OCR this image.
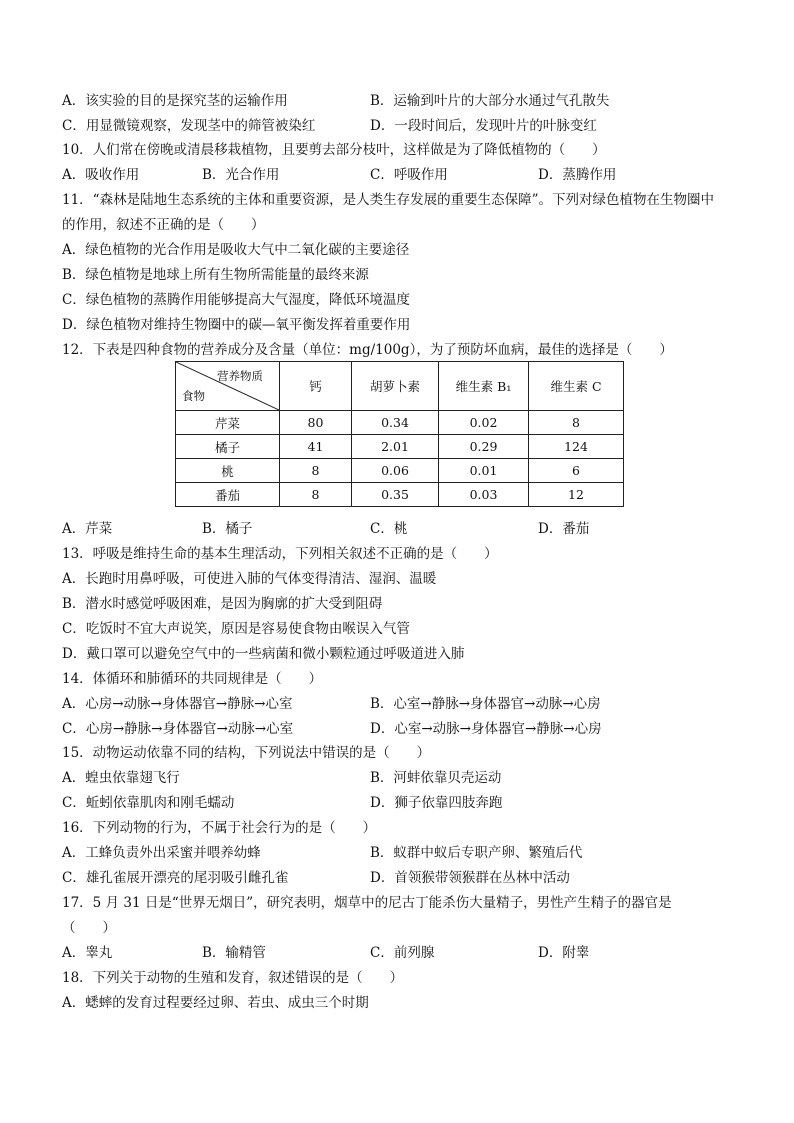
A．该实验的目的是探究茎的运输作用	B．运输到叶片的大部分水通过气孔散失
C．用显微镜观察，发现茎中的筛管被染红	D．一段时间后，发现叶片的叶脉变红
10．人们常在傍晚或清晨移栽植物，且要剪去部分枝叶，这样做是为了降低植物的（　　）
A．吸收作用	B．光合作用	C．呼吸作用	D．蒸腾作用
11．“森林是陆地生态系统的主体和重要资源，是人类生存发展的重要生态保障”。下列对绿色植物在生物圈中
的作用，叙述不正确的是（　　）
A．绿色植物的光合作用是吸收大气中二氧化碳的主要途径
B．绿色植物是地球上所有生物所需能量的最终来源
C．绿色植物的蒸腾作用能够提高大气湿度，降低环境温度
D．绿色植物对维持生物圈中的碳—氧平衡发挥着重要作用
12．下表是四种食物的营养成分及含量（单位：mg/100g），为了预防坏血病，最佳的选择是（　　）
营养物质
食物	钙	胡萝卜素	维生素 B₁	维生素 C
芹菜	80	0.34	0.02	8
橘子	41	2.01	0.29	124
桃	8	0.06	0.01	6
番茄	8	0.35	0.03	12
A．芹菜	B．橘子	C．桃	D．番茄
13．呼吸是维持生命的基本生理活动，下列相关叙述不正确的是（　　）
A．长跑时用鼻呼吸，可使进入肺的气体变得清洁、湿润、温暖
B．潜水时感觉呼吸困难，是因为胸廓的扩大受到阻碍
C．吃饭时不宜大声说笑，原因是容易使食物由喉误入气管
D．戴口罩可以避免空气中的一些病菌和微小颗粒通过呼吸道进入肺
14．体循环和肺循环的共同规律是（　　）
A．心房→动脉→身体器官→静脉→心室	B．心室→静脉→身体器官→动脉→心房
C．心房→静脉→身体器官→动脉→心室	D．心室→动脉→身体器官→静脉→心房
15．动物运动依靠不同的结构，下列说法中错误的是（　　）
A．蝗虫依靠翅飞行	B．河蚌依靠贝壳运动
C．蚯蚓依靠肌肉和刚毛蠕动	D．狮子依靠四肢奔跑
16．下列动物的行为，不属于社会行为的是（　　）
A．工蜂负责外出采蜜并喂养幼蜂	B．蚁群中蚁后专职产卵、繁殖后代
C．雄孔雀展开漂亮的尾羽吸引雌孔雀	D．首领猴带领猴群在丛林中活动
17．5 月 31 日是“世界无烟日”，研究表明，烟草中的尼古丁能杀伤大量精子，男性产生精子的器官是
（　　）
A．睾丸	B．输精管	C．前列腺	D．附睾
18．下列关于动物的生殖和发育，叙述错误的是（　　）
A．蟋蟀的发育过程要经过卵、若虫、成虫三个时期
